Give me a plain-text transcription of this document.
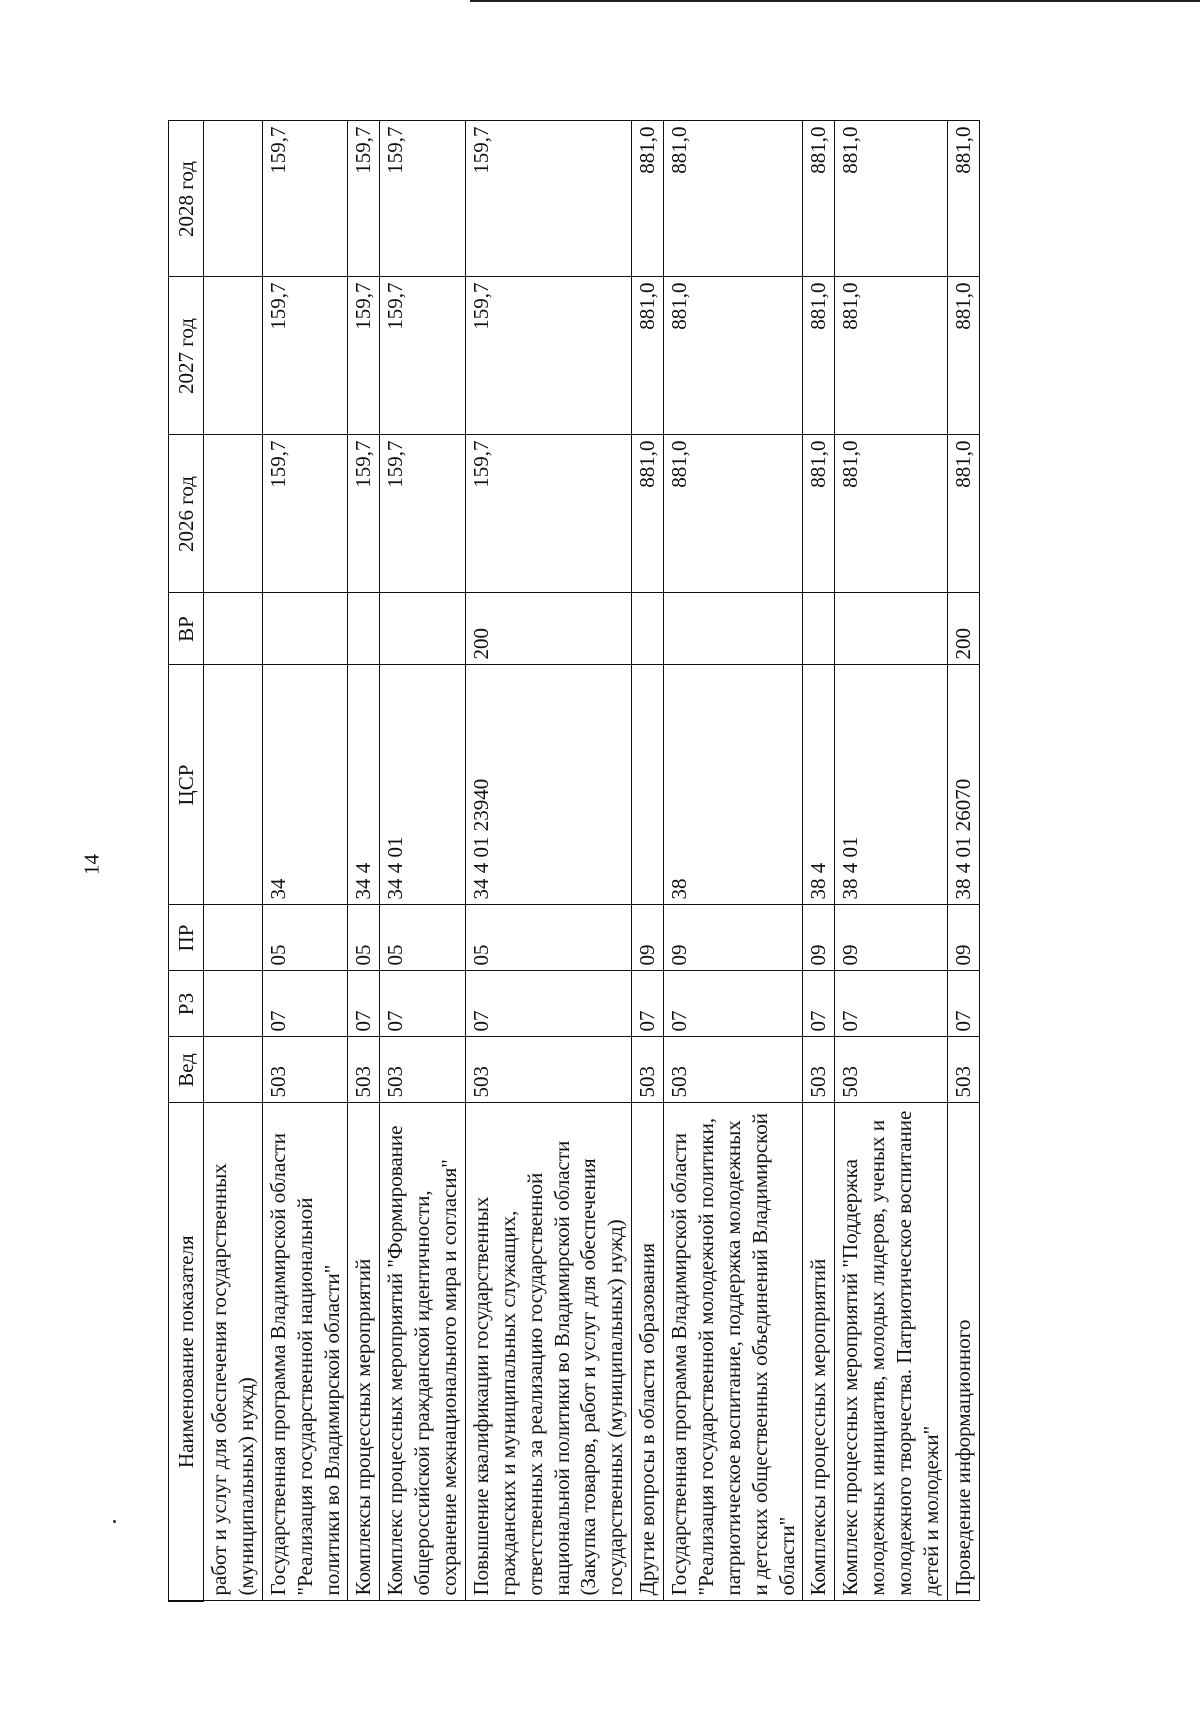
14
Наименование показателя	Вед	РЗ	ПР	ЦСР	ВР	2026 год	2027 год	2028 год
работ и услуг для обеспечения государственных (муниципальных) нужд)								
Государственная программа Владимирской области "Реализация государственной национальной политики во Владимирской области"	503	07	05	34		159,7	159,7	159,7
Комплексы процессных мероприятий	503	07	05	34 4		159,7	159,7	159,7
Комплекс процессных мероприятий "Формирование общероссийской гражданской идентичности, сохранение межнационального мира и согласия"	503	07	05	34 4 01		159,7	159,7	159,7
Повышение квалификации государственных гражданских и муниципальных служащих, ответственных за реализацию государственной национальной политики во Владимирской области (Закупка товаров, работ и услуг для обеспечения государственных (муниципальных) нужд)	503	07	05	34 4 01 23940	200	159,7	159,7	159,7
Другие вопросы в области образования	503	07	09			881,0	881,0	881,0
Государственная программа Владимирской области "Реализация государственной молодежной политики, патриотическое воспитание, поддержка молодежных и детских общественных объединений Владимирской области"	503	07	09	38		881,0	881,0	881,0
Комплексы процессных мероприятий	503	07	09	38 4		881,0	881,0	881,0
Комплекс процессных мероприятий "Поддержка молодежных инициатив, молодых лидеров, ученых и молодежного творчества. Патриотическое воспитание детей и молодежи"	503	07	09	38 4 01		881,0	881,0	881,0
Проведение информационного	503	07	09	38 4 01 26070	200	881,0	881,0	881,0
